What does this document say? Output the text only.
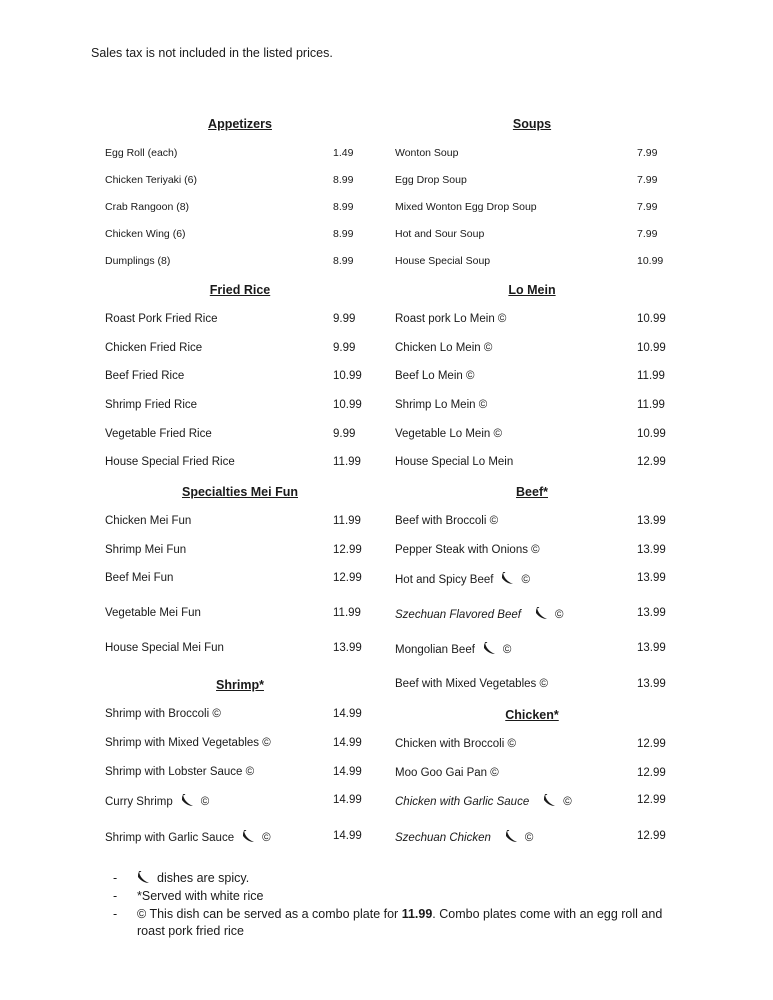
Sales tax is not included in the listed prices.
Appetizers
Egg Roll (each)	1.49
Chicken Teriyaki (6)	8.99
Crab Rangoon (8)	8.99
Chicken Wing (6)	8.99
Dumplings (8)	8.99
Fried Rice
Roast Pork Fried Rice	9.99
Chicken Fried Rice	9.99
Beef Fried Rice	10.99
Shrimp Fried Rice	10.99
Vegetable Fried Rice	9.99
House Special Fried Rice	11.99
Specialties Mei Fun
Chicken Mei Fun	11.99
Shrimp Mei Fun	12.99
Beef Mei Fun	12.99
Vegetable Mei Fun	11.99
House Special Mei Fun	13.99
Shrimp*
Shrimp with Broccoli ©	14.99
Shrimp with Mixed Vegetables ©	14.99
Shrimp with Lobster Sauce ©	14.99
Curry Shrimp ©	14.99
Shrimp with Garlic Sauce ©	14.99
Soups
Wonton Soup	7.99
Egg Drop Soup	7.99
Mixed Wonton Egg Drop Soup	7.99
Hot and Sour Soup	7.99
House Special Soup	10.99
Lo Mein
Roast pork Lo Mein ©	10.99
Chicken Lo Mein ©	10.99
Beef Lo Mein ©	11.99
Shrimp Lo Mein ©	11.99
Vegetable Lo Mein ©	10.99
House Special Lo Mein	12.99
Beef*
Beef with Broccoli ©	13.99
Pepper Steak with Onions ©	13.99
Hot and Spicy Beef ©	13.99
Szechuan Flavored Beef	©	13.99
Mongolian Beef ©	13.99
Beef with Mixed Vegetables ©	13.99
Chicken*
Chicken with Broccoli ©	12.99
Moo Goo Gai Pan ©	12.99
Chicken with Garlic Sauce	©	12.99
Szechuan Chicken	©	12.99
-	dishes are spicy.
- *Served with white rice
- © This dish can be served as a combo plate for 11.99. Combo plates come with an egg roll and roast pork fried rice
